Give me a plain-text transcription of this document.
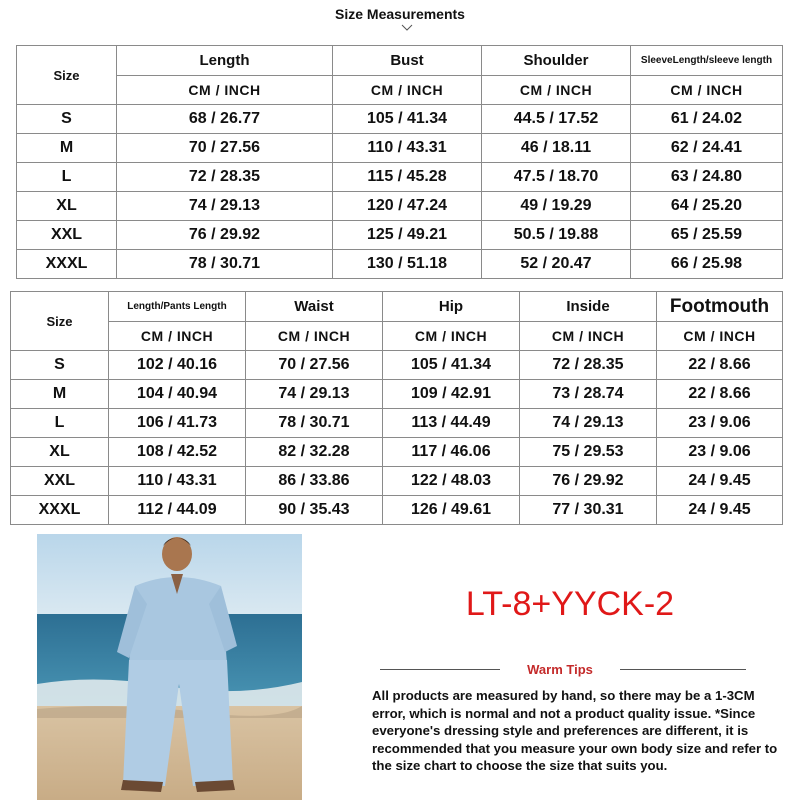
Size Measurements
Size	Length	Bust	Shoulder	SleeveLength/sleeve length
	CM / INCH	CM / INCH	CM / INCH	CM / INCH
S	68 / 26.77	105 / 41.34	44.5 / 17.52	61 / 24.02
M	70 / 27.56	110 / 43.31	46 / 18.11	62 / 24.41
L	72 / 28.35	115 / 45.28	47.5 / 18.70	63 / 24.80
XL	74 / 29.13	120 / 47.24	49 / 19.29	64 / 25.20
XXL	76 / 29.92	125 / 49.21	50.5 / 19.88	65 / 25.59
XXXL	78 / 30.71	130 / 51.18	52 / 20.47	66 / 25.98
Size	Length/Pants Length	Waist	Hip	Inside	Footmouth
	CM / INCH	CM / INCH	CM / INCH	CM / INCH	CM / INCH
S	102 / 40.16	70 / 27.56	105 / 41.34	72 / 28.35	22 / 8.66
M	104 / 40.94	74 / 29.13	109 / 42.91	73 / 28.74	22 / 8.66
L	106 / 41.73	78 / 30.71	113 / 44.49	74 / 29.13	23 / 9.06
XL	108 / 42.52	82 / 32.28	117 / 46.06	75 / 29.53	23 / 9.06
XXL	110 / 43.31	86 / 33.86	122 / 48.03	76 / 29.92	24 / 9.45
XXXL	112 / 44.09	90 / 35.43	126 / 49.61	77 / 30.31	24 / 9.45
LT-8+YYCK-2
Warm Tips
All products are measured by hand, so there may be a 1-3CM error, which is normal and not a product quality issue. *Since everyone's dressing style and preferences are different, it is recommended that you measure your own body size and refer to the size chart to choose the size that suits you.
